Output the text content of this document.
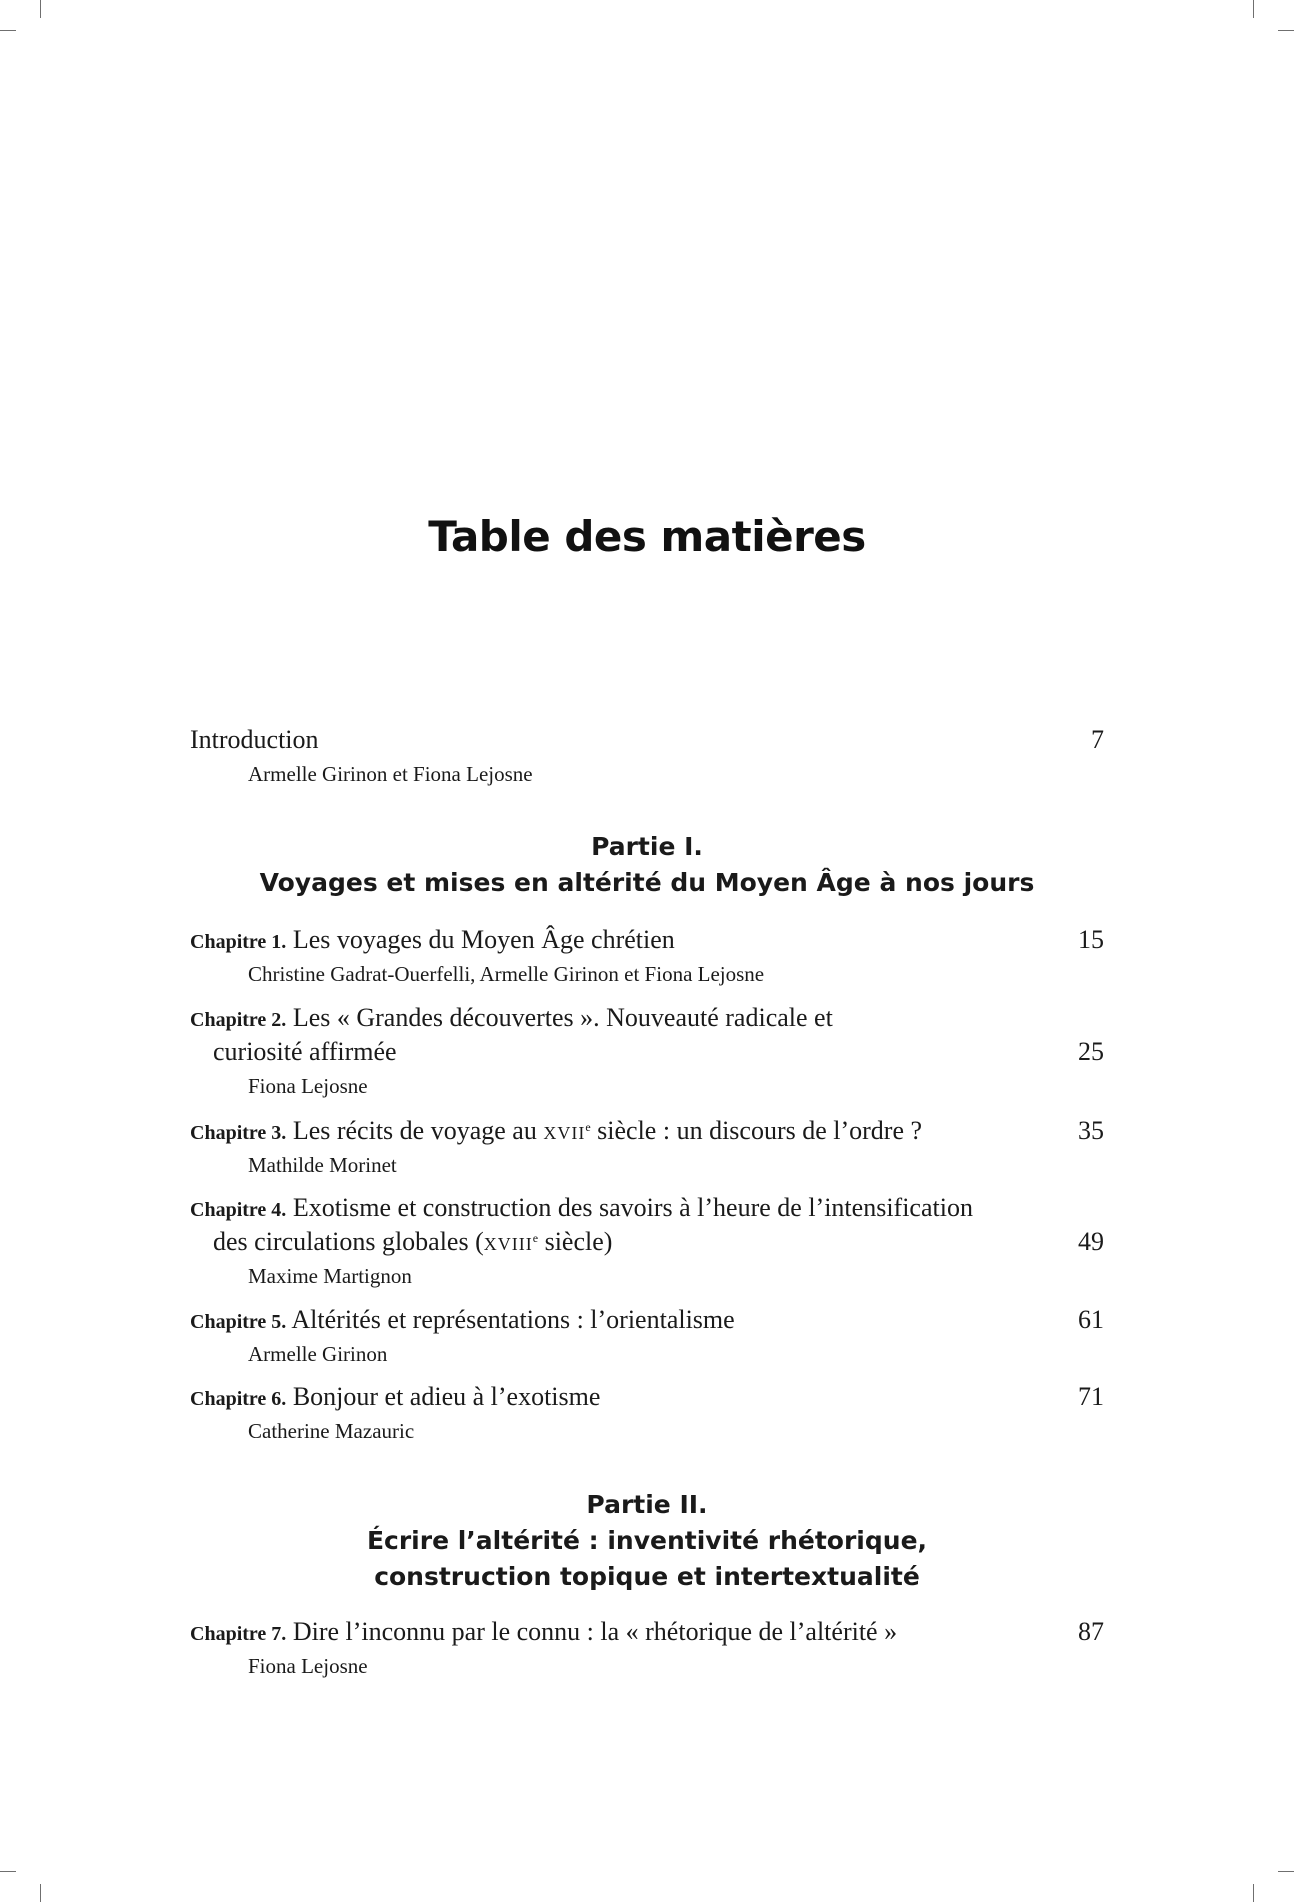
Table des matières
Introduction	7
Armelle Girinon et Fiona Lejosne
Chapitre 1. Les voyages du Moyen Âge chrétien	15
Christine Gadrat-Ouerfelli, Armelle Girinon et Fiona Lejosne
Chapitre 2. Les « Grandes découvertes ». Nouveauté radicale et
curiosité affirmée	25
Fiona Lejosne
Chapitre 3. Les récits de voyage au xvii$^e$ siècle : un discours de l’ordre ?	35
Mathilde Morinet
Chapitre 4. Exotisme et construction des savoirs à l’heure de l’intensification
des circulations globales (xviii$^e$ siècle)	49
Maxime Martignon
Chapitre 5. Altérités et représentations : l’orientalisme	61
Armelle Girinon
Chapitre 6. Bonjour et adieu à l’exotisme	71
Catherine Mazauric
Chapitre 7. Dire l’inconnu par le connu : la « rhétorique de l’altérité »	87
Fiona Lejosne
Partie I.
Voyages et mises en altérité du Moyen Âge à nos jours
Partie II.
Écrire l’altérité : inventivité rhétorique,
construction topique et intertextualité
